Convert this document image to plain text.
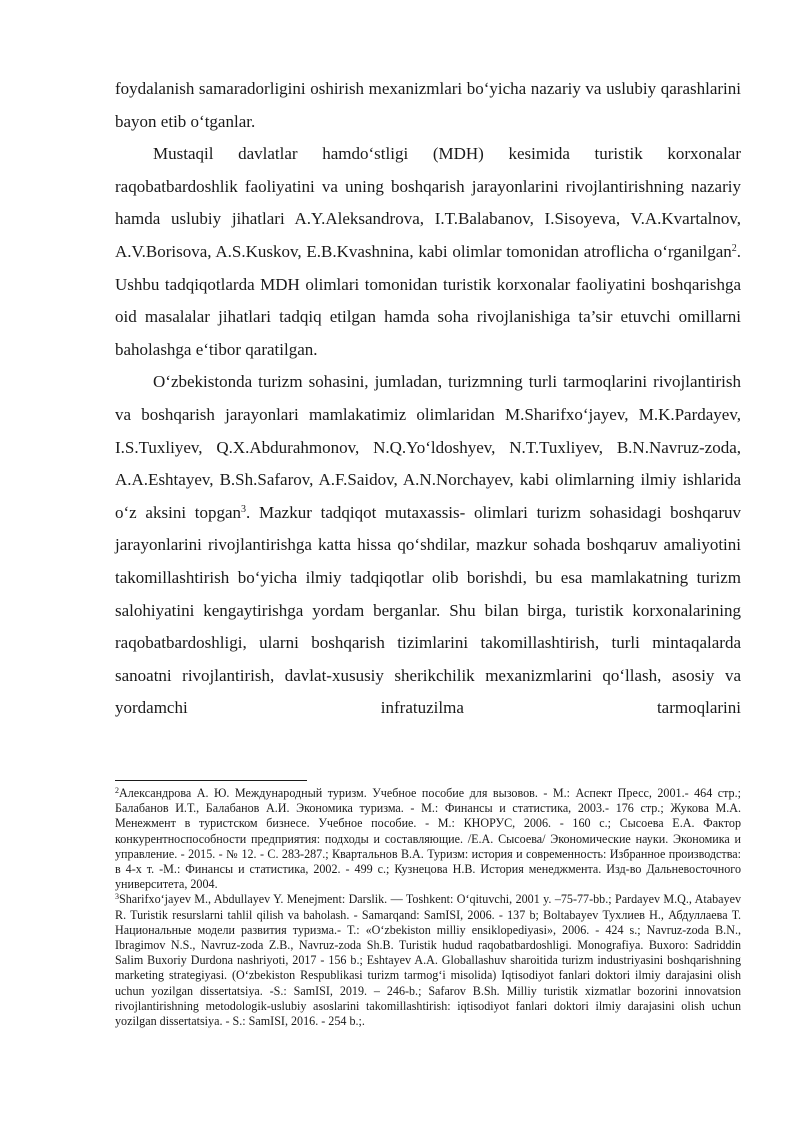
foydalanish samaradorligini oshirish mexanizmlari bo‘yicha nazariy va uslubiy qarashlarini bayon etib o‘tganlar.

Mustaqil davlatlar hamdo‘stligi (MDH) kesimida turistik korxonalar raqobatbardoshlik faoliyatini va uning boshqarish jarayonlarini rivojlantirishning nazariy hamda uslubiy jihatlari A.Y.Aleksandrova, I.T.Balabanov, I.Sisoyeva, V.A.Kvartalnov, A.V.Borisova, A.S.Kuskov, E.B.Kvashnina, kabi olimlar tomonidan atroflicha o‘rganilgan$^2$. Ushbu tadqiqotlarda MDH olimlari tomonidan turistik korxonalar faoliyatini boshqarishga oid masalalar jihatlari tadqiq etilgan hamda soha rivojlanishiga ta’sir etuvchi omillarni baholashga e‘tibor qaratilgan.

O‘zbekistonda turizm sohasini, jumladan, turizmning turli tarmoqlarini rivojlantirish va boshqarish jarayonlari mamlakatimiz olimlaridan M.Sharifxo‘jayev, M.K.Pardayev, I.S.Tuxliyev, Q.X.Abdurahmonov, N.Q.Yo‘ldoshyev, N.T.Tuxliyev, B.N.Navruz-zoda, A.A.Eshtayev, B.Sh.Safarov, A.F.Saidov, A.N.Norchayev, kabi olimlarning ilmiy ishlarida o‘z aksini topgan$^3$. Mazkur tadqiqot mutaxassis- olimlari turizm sohasidagi boshqaruv jarayonlarini rivojlantirishga katta hissa qo‘shdilar, mazkur sohada boshqaruv amaliyotini takomillashtirish bo‘yicha ilmiy tadqiqotlar olib borishdi, bu esa mamlakatning turizm salohiyatini kengaytirishga yordam berganlar. Shu bilan birga, turistik korxonalarining raqobatbardoshligi, ularni boshqarish tizimlarini takomillashtirish, turli mintaqalarda sanoatni rivojlantirish, davlat-xususiy sherikchilik mexanizmlarini qo‘llash, asosiy va yordamchi infratuzilma tarmoqlarini

$^2$Александрова А. Ю. Международный туризм. Учебное пособие для вызовов. - М.: Аспект Пресс, 2001.- 464 стр.; Балабанов И.Т., Балабанов А.И. Экономика туризма. - М.: Финансы и статистика, 2003.- 176 стр.; Жукова М.А. Менежмент в туристском бизнесе. Учебное пособие. - М.: КНОРУС, 2006. - 160 с.; Сысоева Е.А. Фактор конкурентноспособности предприятия: подходы и составляющие. /Е.А. Сысоева/ Экономические науки. Экономика и управление. - 2015. - № 12. - С. 283-287.; Квартальнов В.А. Туризм: история и современность: Избранное производства: в 4-х т. -М.: Финансы и статистика, 2002. - 499 с.; Кузнецова Н.В. История менеджмента. Изд-во Дальневосточного университета, 2004.

$^3$Sharifxo‘jayev M., Abdullayev Y. Menejment: Darslik. — Toshkent: O‘qituvchi, 2001 y. –75-77-bb.; Pardayev M.Q., Atabayev R. Turistik resurslarni tahlil qilish va baholash. - Samarqand: SamISI, 2006. - 137 b; Boltabayev Тухлиев Н., Абдуллаева Т. Национальные модели развития туризма.- Т.: «O‘zbekiston milliy ensiklopediyasi», 2006. - 424 s.; Navruz-zoda B.N., Ibragimov N.S., Navruz-zoda Z.B., Navruz-zoda Sh.B. Turistik hudud raqobatbardoshligi. Monografiya. Buxoro: Sadriddin Salim Buxoriy Durdona nashriyoti, 2017 - 156 b.; Eshtayev A.A. Globallashuv sharoitida turizm industriyasini boshqarishning marketing strategiyasi. (O‘zbekiston Respublikasi turizm tarmog‘i misolida) Iqtisodiyot fanlari doktori ilmiy darajasini olish uchun yozilgan dissertatsiya. -S.: SamISI, 2019. – 246-b.; Safarov B.Sh. Milliy turistik xizmatlar bozorini innovatsion rivojlantirishning metodologik-uslubiy asoslarini takomillashtirish: iqtisodiyot fanlari doktori ilmiy darajasini olish uchun yozilgan dissertatsiya. - S.: SamISI, 2016. - 254 b.;.
